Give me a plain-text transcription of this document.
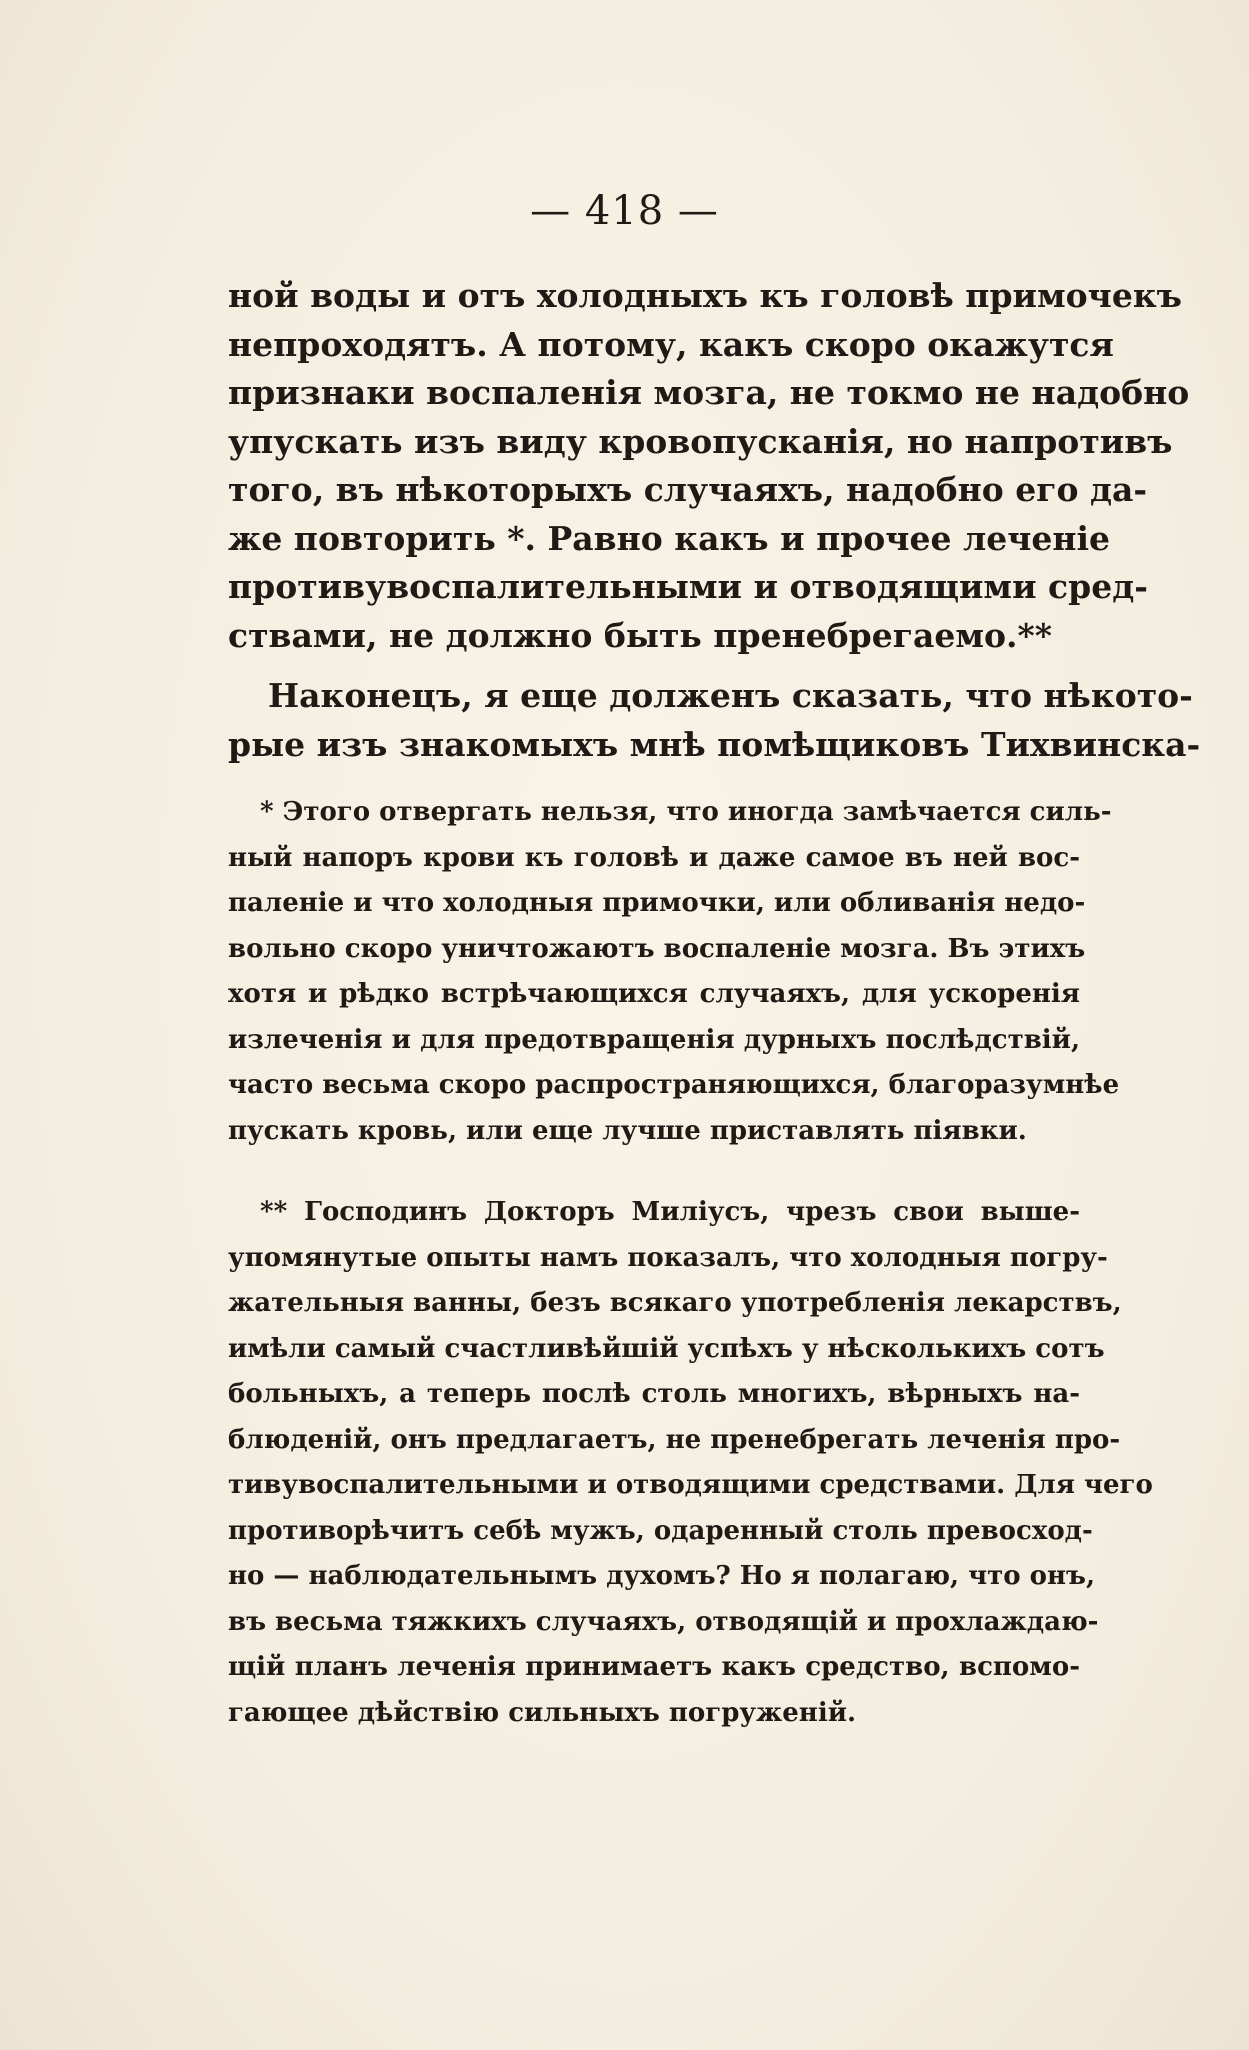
— 418 —
ной воды и отъ холодныхъ къ головѣ примочекъ
непроходятъ. А потому, какъ скоро окажутся
признаки воспаленія мозга, не токмо не надобно
упускать изъ виду кровопусканія, но напротивъ
того, въ нѣкоторыхъ случаяхъ, надобно его да-
же повторить *. Равно какъ и прочее леченіе
противувоспалительными и отводящими сред-
ствами, не должно быть пренебрегаемо.**
Наконецъ, я еще долженъ сказать, что нѣкото-
рые изъ знакомыхъ мнѣ помѣщиковъ Тихвинска-
* Этого отвергать нельзя, что иногда замѣчается силь-
ный напоръ крови къ головѣ и даже самое въ ней вос-
паленіе и что холодныя примочки, или обливанія недо-
вольно скоро уничтожаютъ воспаленіе мозга. Въ этихъ
хотя и рѣдко встрѣчающихся случаяхъ, для ускоренія
излеченія и для предотвращенія дурныхъ послѣдствій,
часто весьма скоро распространяющихся, благоразумнѣе
пускать кровь, или еще лучше приставлять піявки.
** Господинъ Докторъ Миліусъ, чрезъ свои выше-
упомянутые опыты намъ показалъ, что холодныя погру-
жательныя ванны, безъ всякаго употребленія лекарствъ,
имѣли самый счастливѣйшій успѣхъ у нѣсколькихъ сотъ
больныхъ, а теперь послѣ столь многихъ, вѣрныхъ на-
блюденій, онъ предлагаетъ, не пренебрегать леченія про-
тивувоспалительными и отводящими средствами. Для чего
противорѣчитъ себѣ мужъ, одаренный столь превосход-
но — наблюдательнымъ духомъ? Но я полагаю, что онъ,
въ весьма тяжкихъ случаяхъ, отводящій и прохлаждаю-
щій планъ леченія принимаетъ какъ средство, вспомо-
гающее дѣйствію сильныхъ погруженій.
